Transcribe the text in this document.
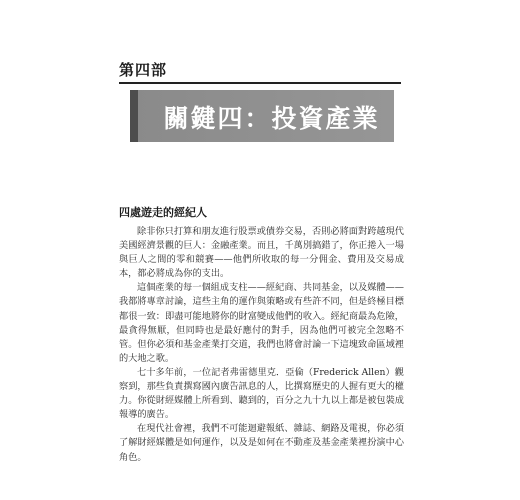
第四部
關鍵四：投資產業
四處遊走的經紀人

除非你只打算和朋友進行股票或債券交易，否則必將面對跨越現代美國經濟景觀的巨人：金融產業。而且，千萬別搞錯了，你正捲入一場與巨人之間的零和競賽——他們所收取的每一分佣金、費用及交易成本，都必將成為你的支出。

這個產業的每一個組成支柱——經紀商、共同基金，以及媒體——我都將專章討論，這些主角的運作與策略或有些許不同，但是終極目標都很一致：即盡可能地將你的財富變成他們的收入。經紀商最為危險，最貪得無厭，但同時也是最好應付的對手，因為他們可被完全忽略不管。但你必須和基金產業打交道，我們也將會討論一下這塊致命區域裡的大地之歌。

七十多年前，一位記者弗雷德里克．亞倫（Frederick Allen）觀察到，那些負責撰寫國內廣告訊息的人，比撰寫歷史的人握有更大的權力。你從財經媒體上所看到、聽到的，百分之九十九以上都是被包裝成報導的廣告。

在現代社會裡，我們不可能迴避報紙、雜誌、網路及電視，你必須了解財經媒體是如何運作，以及是如何在不動產及基金產業裡扮演中心角色。
